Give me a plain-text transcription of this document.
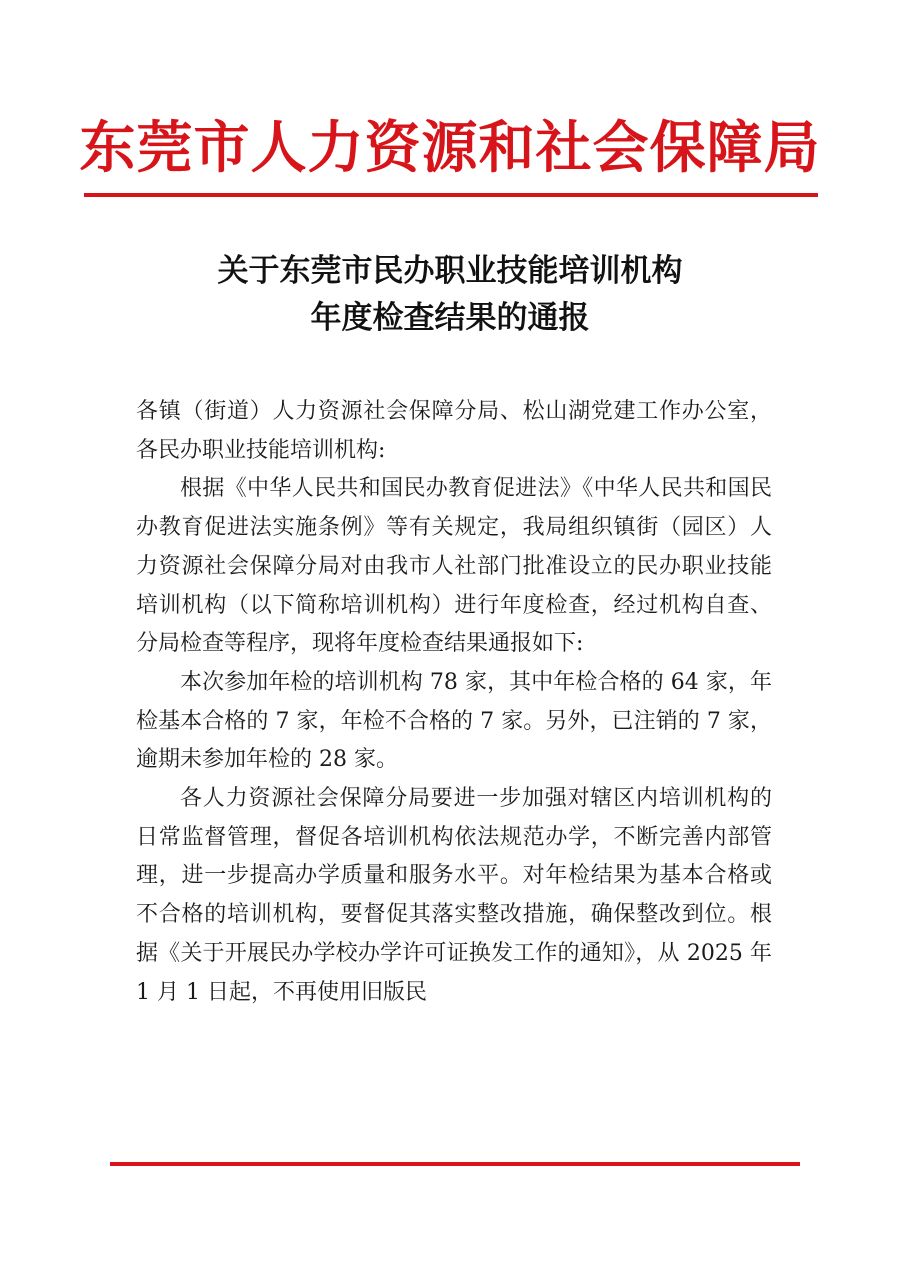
东莞市人力资源和社会保障局
关于东莞市民办职业技能培训机构
年度检查结果的通报

各镇（街道）人力资源社会保障分局、松山湖党建工作办公室，各民办职业技能培训机构:

根据《中华人民共和国民办教育促进法》《中华人民共和国民办教育促进法实施条例》等有关规定，我局组织镇街（园区）人力资源社会保障分局对由我市人社部门批准设立的民办职业技能培训机构（以下简称培训机构）进行年度检查，经过机构自查、分局检查等程序，现将年度检查结果通报如下:

本次参加年检的培训机构 78 家，其中年检合格的 64 家，年检基本合格的 7 家，年检不合格的 7 家。另外，已注销的 7 家，逾期未参加年检的 28 家。

各人力资源社会保障分局要进一步加强对辖区内培训机构的日常监督管理，督促各培训机构依法规范办学，不断完善内部管理，进一步提高办学质量和服务水平。对年检结果为基本合格或不合格的培训机构，要督促其落实整改措施，确保整改到位。根据《关于开展民办学校办学许可证换发工作的通知》，从 2025 年 1 月 1 日起，不再使用旧版民
